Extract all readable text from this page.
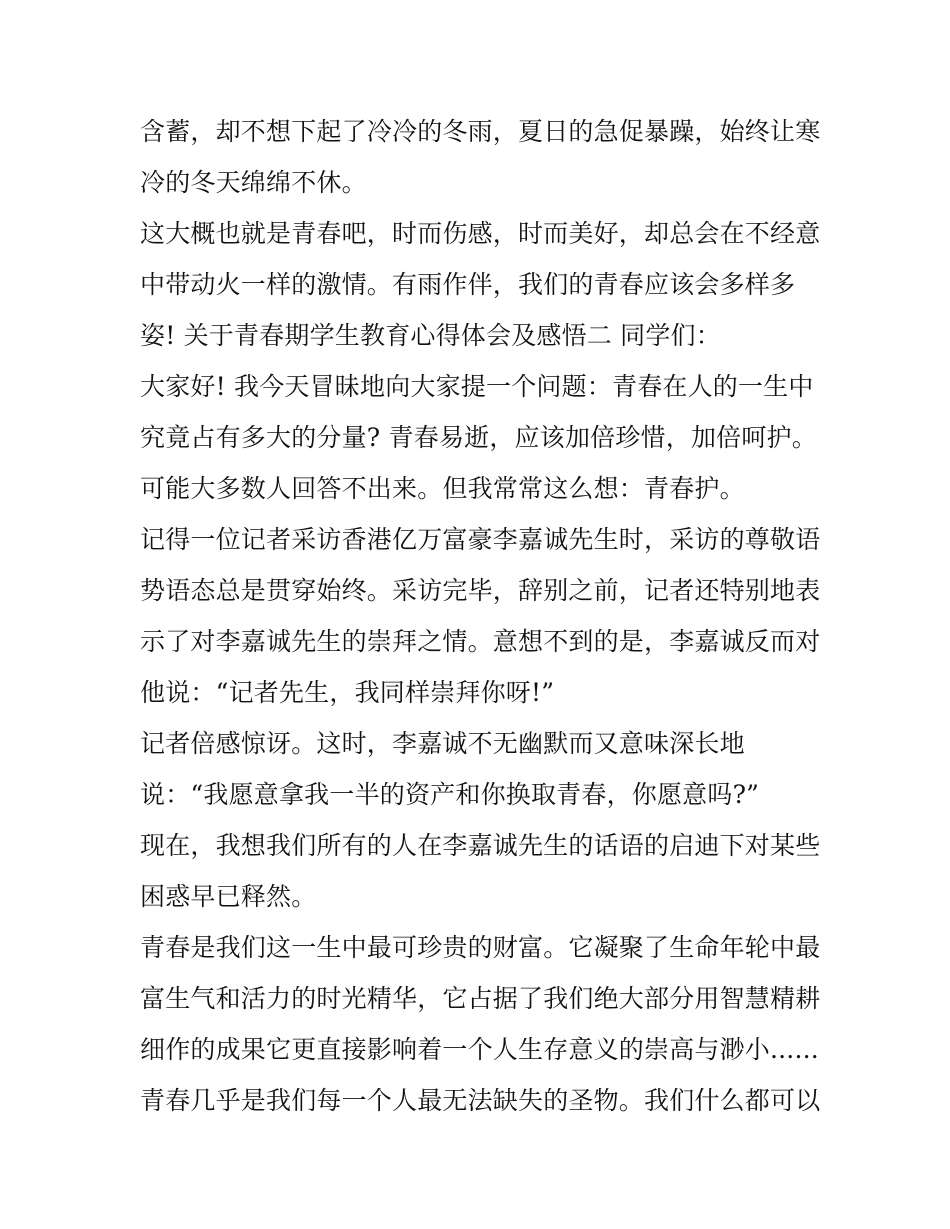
含蓄，却不想下起了冷冷的冬雨，夏日的急促暴躁，始终让寒
冷的冬天绵绵不休。
这大概也就是青春吧，时而伤感，时而美好，却总会在不经意
中带动火一样的激情。有雨作伴，我们的青春应该会多样多
姿! 关于青春期学生教育心得体会及感悟二 同学们：
大家好! 我今天冒昧地向大家提一个问题：青春在人的一生中
究竟占有多大的分量? 青春易逝，应该加倍珍惜，加倍呵护。
可能大多数人回答不出来。但我常常这么想：青春护。
记得一位记者采访香港亿万富豪李嘉诚先生时，采访的尊敬语
势语态总是贯穿始终。采访完毕，辞别之前，记者还特别地表
示了对李嘉诚先生的崇拜之情。意想不到的是，李嘉诚反而对
他说：“记者先生，我同样崇拜你呀!”
记者倍感惊讶。这时，李嘉诚不无幽默而又意味深长地
说：“我愿意拿我一半的资产和你换取青春，你愿意吗?”
现在，我想我们所有的人在李嘉诚先生的话语的启迪下对某些
困惑早已释然。
青春是我们这一生中最可珍贵的财富。它凝聚了生命年轮中最
富生气和活力的时光精华，它占据了我们绝大部分用智慧精耕
细作的成果它更直接影响着一个人生存意义的崇高与渺小......
青春几乎是我们每一个人最无法缺失的圣物。我们什么都可以
